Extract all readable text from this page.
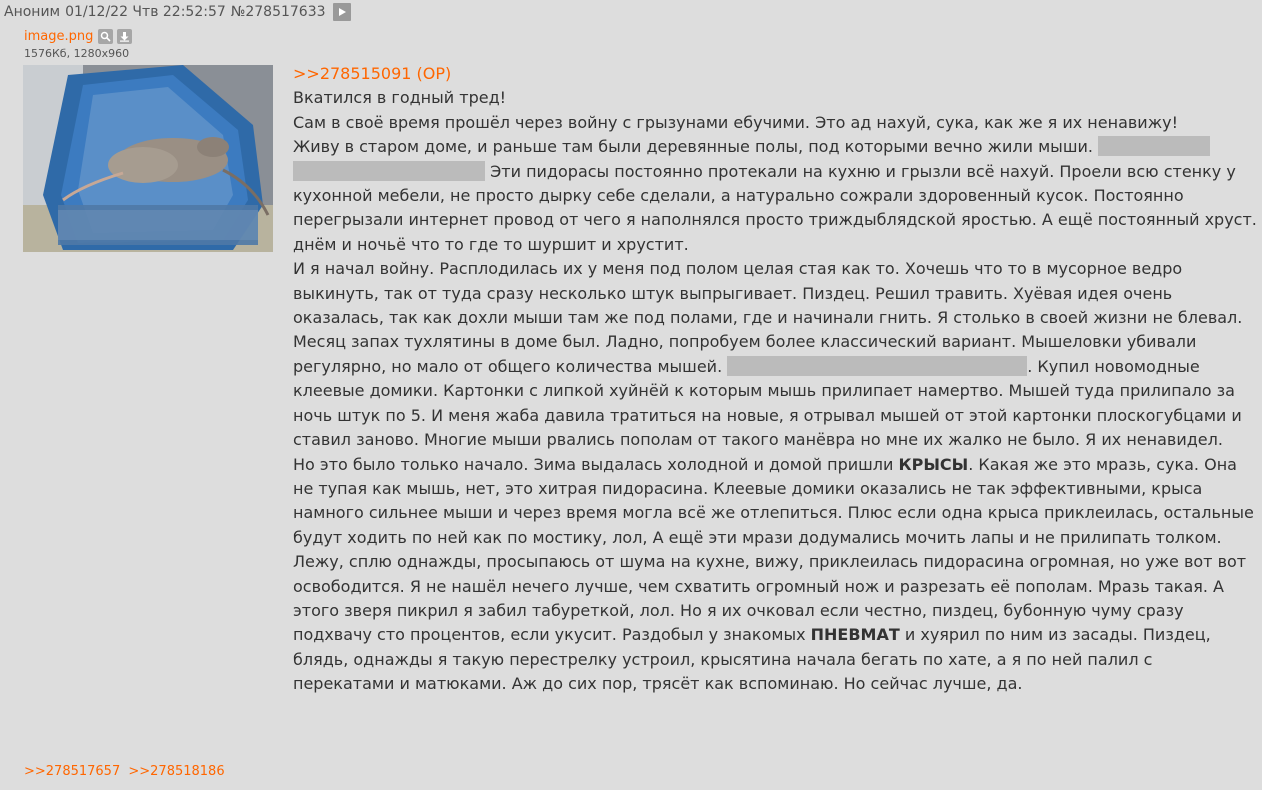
Аноним 01/12/22 Чтв 22:52:57 №278517633
image.png
1576Кб, 1280x960
>>278515091 (OP)
Вкатился в годный тред!
Сам в своё время прошёл через войну с грызунами ебучими. Это ад нахуй, сука, как же я их ненавижу!
Живу в старом доме, и раньше там были деревянные полы, под которыми вечно жили мыши.   Эти пидорасы постоянно протекали на кухню и грызли всё нахуй. Проели всю стенку у кухонной мебели, не просто дырку себе сделали, а натурально сожрали здоровенный кусок. Постоянно перегрызали интернет провод от чего я наполнялся просто триждыблядской яростью. А ещё постоянный хруст. днём и ночьё что то где то шуршит и хрустит.
И я начал войну. Расплодилась их у меня под полом целая стая как то. Хочешь что то в мусорное ведро выкинуть, так от туда сразу несколько штук выпрыгивает. Пиздец. Решил травить. Хуёвая идея очень оказалась, так как дохли мыши там же под полами, где и начинали гнить. Я столько в своей жизни не блевал. Месяц запах тухлятины в доме был. Ладно, попробуем более классический вариант. Мышеловки убивали регулярно, но мало от общего количества мышей.	. Купил новомодные клеевые домики. Картонки с липкой хуйнёй к которым мышь прилипает намертво. Мышей туда прилипало за ночь штук по 5. И меня жаба давила тратиться на новые, я отрывал мышей от этой картонки плоскогубцами и ставил заново. Многие мыши рвались пополам от такого манёвра но мне их жалко не было. Я их ненавидел.
Но это было только начало. Зима выдалась холодной и домой пришли КРЫСЫ. Какая же это мразь, сука. Она не тупая как мышь, нет, это хитрая пидорасина. Клеевые домики оказались не так эффективными, крыса намного сильнее мыши и через время могла всё же отлепиться. Плюс если одна крыса приклеилась, остальные будут ходить по ней как по мостику, лол, А ещё эти мрази додумались мочить лапы и не прилипать толком. Лежу, сплю однажды, просыпаюсь от шума на кухне, вижу, приклеилась пидорасина огромная, но уже вот вот освободится. Я не нашёл нечего лучше, чем схватить огромный нож и разрезать её пополам. Мразь такая. А этого зверя пикрил я забил табуреткой, лол. Но я их очковал если честно, пиздец, бубонную чуму сразу подхвачу сто процентов, если укусит. Раздобыл у знакомых ПНЕВМАТ и хуярил по ним из засады. Пиздец, блядь, однажды я такую перестрелку устроил, крысятина начала бегать по хате, а я по ней палил с перекатами и матюками. Аж до сих пор, трясёт как вспоминаю. Но сейчас лучше, да.
>>278517657 >>278518186
